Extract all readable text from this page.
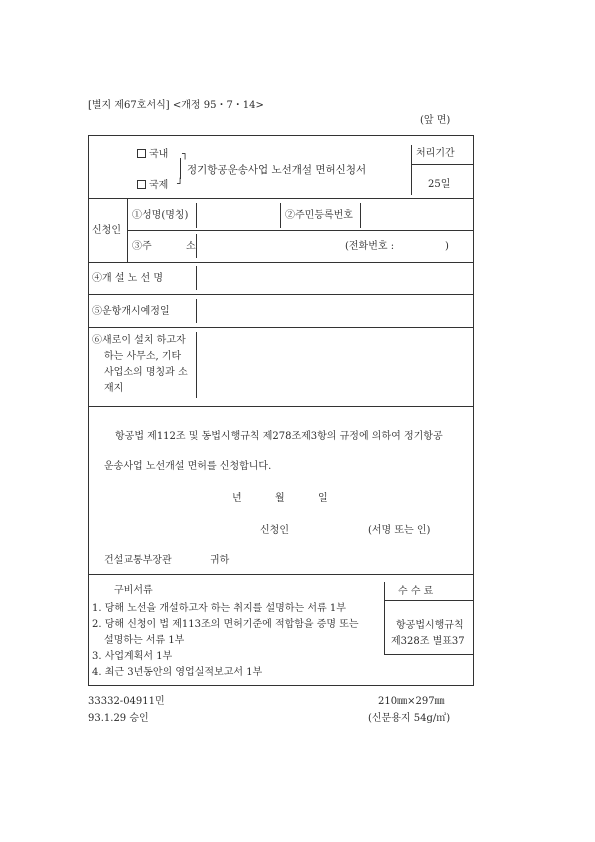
[별지 제67호서식] <개정 95・7・14>
(앞 면)
국내
국제
┐
┘
정기항공운송사업 노선개설 면허신청서
처리기간
25일
신청인
①성명(명칭)	②주민등록번호
③주	소	(전화번호 :	)
④개 설 노 선 명
⑤운항개시예정일
⑥새로이 설치 하고자
하는 사무소, 기타
사업소의 명칭과 소
재지
항공법 제112조 및 동법시행규칙 제278조제3항의 규정에 의하여 정기항공
운송사업 노선개설 면허를 신청합니다.
년	월	일
신청인	(서명 또는 인)
건설교통부장관	귀하
구비서류
1. 당해 노선을 개설하고자 하는 취지를 설명하는 서류 1부
2. 당해 신청이 법 제113조의 면허기준에 적합함을 증명 또는
설명하는 서류 1부
3. 사업계획서 1부
4. 최근 3년동안의 영업실적보고서 1부
수 수 료
항공법시행규칙
제328조 별표37
33332-04911민
93.1.29 승인
210㎜×297㎜
(신문용지 54g/㎡)
